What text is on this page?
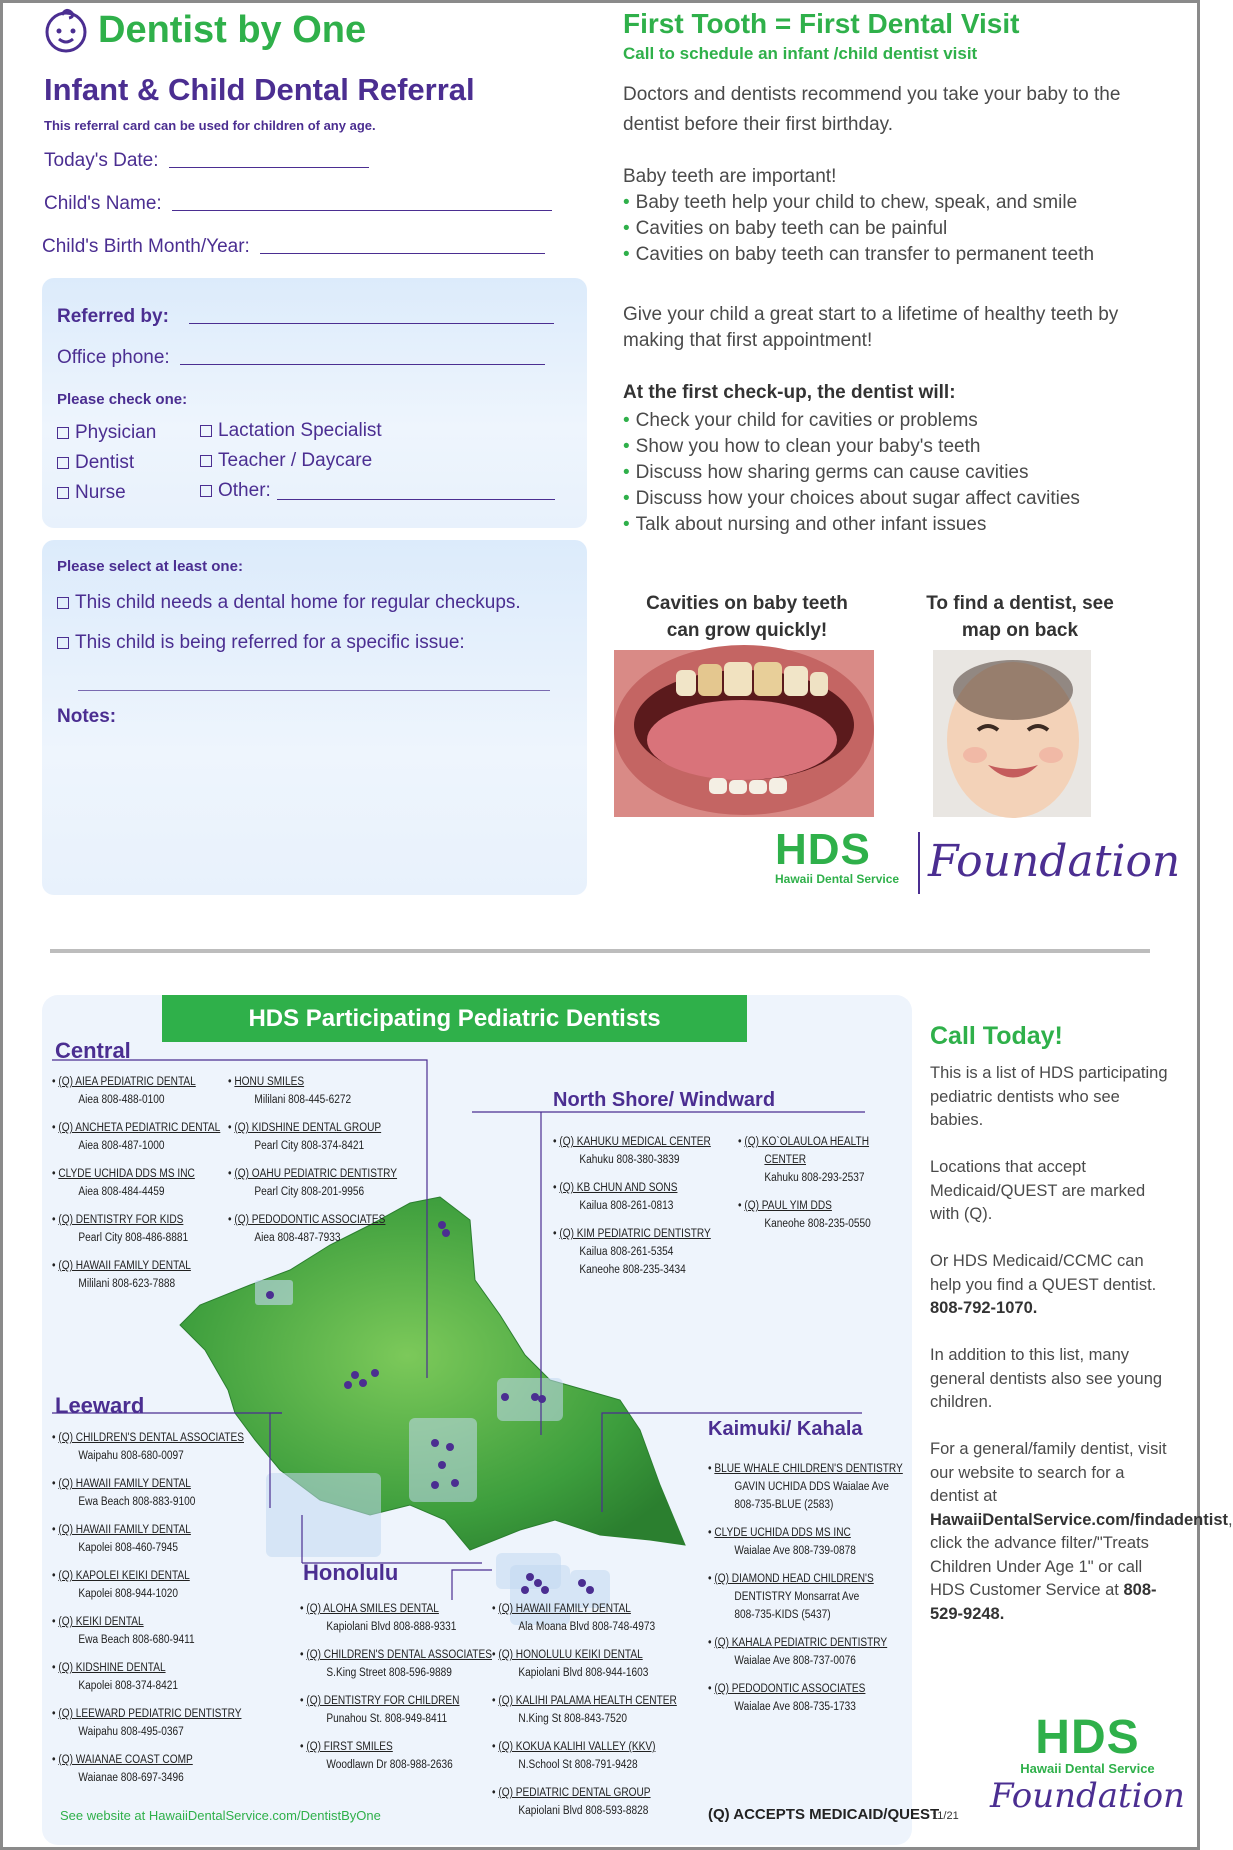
Dentist by One
Infant & Child Dental Referral
This referral card can be used for children of any age.
Today's Date:
Child's Name:
Child's Birth Month/Year:
Referred by:
Office phone:
Please check one:
Physician
Dentist
Nurse
Lactation Specialist
Teacher / Daycare
Other:
Please select at least one:
This child needs a dental home for regular checkups.
This child is being referred for a specific issue:
Notes:
First Tooth = First Dental Visit
Call to schedule an infant /child dentist visit
Doctors and dentists recommend you take your baby to the
dentist before their first birthday.
Baby teeth are important!
• Baby teeth help your child to chew, speak, and smile
• Cavities on baby teeth can be painful
• Cavities on baby teeth can transfer to permanent teeth
Give your child a great start to a lifetime of healthy teeth by
making that first appointment!
At the first check-up, the dentist will:
• Check your child for cavities or problems
• Show you how to clean your baby's teeth
• Discuss how sharing germs can cause cavities
• Discuss how your choices about sugar affect cavities
• Talk about nursing and other infant issues
Cavities on baby teeth
can grow quickly!
To find a dentist, see
map on back
HDS
Hawaii Dental Service Foundation
HDS Participating Pediatric Dentists
Central
• (Q) AIEA PEDIATRIC DENTAL
Aiea 808-488-0100
• (Q) ANCHETA PEDIATRIC DENTAL
Aiea 808-487-1000
• CLYDE UCHIDA DDS MS INC
Aiea 808-484-4459
• (Q) DENTISTRY FOR KIDS
Pearl City 808-486-8881
• (Q) HAWAII FAMILY DENTAL
Mililani 808-623-7888
• HONU SMILES
Mililani 808-445-6272
• (Q) KIDSHINE DENTAL GROUP
Pearl City 808-374-8421
• (Q) OAHU PEDIATRIC DENTISTRY
Pearl City 808-201-9956
• (Q) PEDODONTIC ASSOCIATES
Aiea 808-487-7933
North Shore/ Windward
• (Q) KAHUKU MEDICAL CENTER
Kahuku 808-380-3839
• (Q) KB CHUN AND SONS
Kailua 808-261-0813
• (Q) KIM PEDIATRIC DENTISTRY
Kailua 808-261-5354
Kaneohe 808-235-3434
• (Q) KO`OLAULOA HEALTH
CENTER
Kahuku 808-293-2537
• (Q) PAUL YIM DDS
Kaneohe 808-235-0550
Leeward
• (Q) CHILDREN'S DENTAL ASSOCIATES
Waipahu 808-680-0097
• (Q) HAWAII FAMILY DENTAL
Ewa Beach 808-883-9100
• (Q) HAWAII FAMILY DENTAL
Kapolei 808-460-7945
• (Q) KAPOLEI KEIKI DENTAL
Kapolei 808-944-1020
• (Q) KEIKI DENTAL
Ewa Beach 808-680-9411
• (Q) KIDSHINE DENTAL
Kapolei 808-374-8421
• (Q) LEEWARD PEDIATRIC DENTISTRY
Waipahu 808-495-0367
• (Q) WAIANAE COAST COMP
Waianae 808-697-3496
Honolulu
• (Q) ALOHA SMILES DENTAL
Kapiolani Blvd 808-888-9331
• (Q) CHILDREN'S DENTAL ASSOCIATES
S.King Street 808-596-9889
• (Q) DENTISTRY FOR CHILDREN
Punahou St. 808-949-8411
• (Q) FIRST SMILES
Woodlawn Dr 808-988-2636
• (Q) HAWAII FAMILY DENTAL
Ala Moana Blvd 808-748-4973
• (Q) HONOLULU KEIKI DENTAL
Kapiolani Blvd 808-944-1603
• (Q) KALIHI PALAMA HEALTH CENTER
N.King St 808-843-7520
• (Q) KOKUA KALIHI VALLEY (KKV)
N.School St 808-791-9428
• (Q) PEDIATRIC DENTAL GROUP
Kapiolani Blvd 808-593-8828
Kaimuki/ Kahala
• BLUE WHALE CHILDREN'S DENTISTRY
GAVIN UCHIDA DDS Waialae Ave
808-735-BLUE (2583)
• CLYDE UCHIDA DDS MS INC
Waialae Ave 808-739-0878
• (Q) DIAMOND HEAD CHILDREN'S
DENTISTRY Monsarrat Ave
808-735-KIDS (5437)
• (Q) KAHALA PEDIATRIC DENTISTRY
Waialae Ave 808-737-0076
• (Q) PEDODONTIC ASSOCIATES
Waialae Ave 808-735-1733
See website at HawaiiDentalService.com/DentistByOne	(Q) ACCEPTS MEDICAID/QUEST
11/21
Call Today!
This is a list of HDS participating pediatric dentists who see babies.
Locations that accept Medicaid/QUEST are marked with (Q).
Or HDS Medicaid/CCMC can help you find a QUEST dentist. 808-792-1070.
In addition to this list, many general dentists also see young children.
For a general/family dentist, visit our website to search for a dentist at HawaiiDentalService.com/findadentist, click the advance filter/"Treats Children Under Age 1" or call HDS Customer Service at 808-529-9248.
HDS
Hawaii Dental Service
Foundation
